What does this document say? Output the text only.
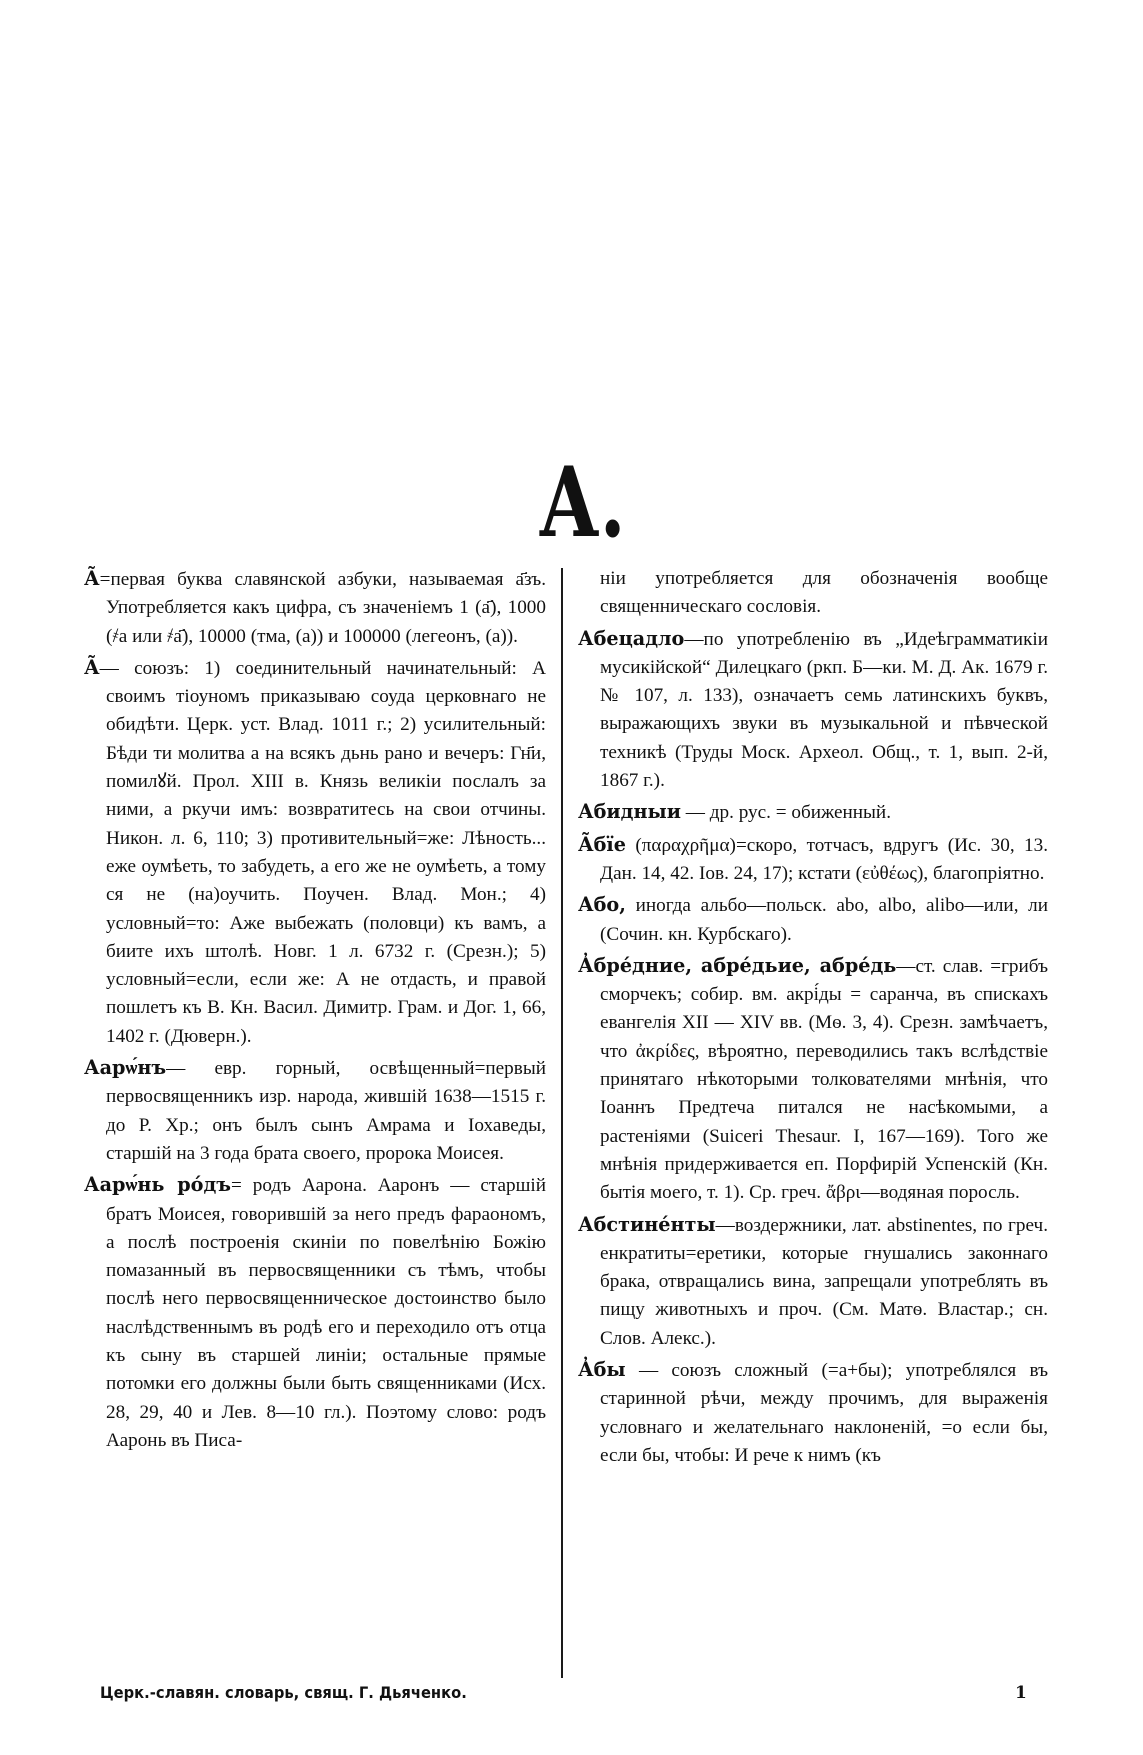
А.

А̃=первая буква славянской азбуки, называемая а҃зъ. Употребляется какъ цифра, съ значеніемъ 1 (а҃), 1000 (҂а или ҂а҃), 10000 (тма, (а)) и 100000 (легеонъ, (а)).

А̃— союзъ: 1) соединительный начинательный: А своимъ тіоуномъ приказываю соуда церковнаго не обидѣти. Церк. уст. Влад. 1011 г.; 2) усилительный: Бѣди ти молитва а на всякъ дьнь рано и вечеръ: Гн҃и, помилꙋй. Прол. XIII в. Князь великіи послалъ за ними, а ркучи имъ: возвратитесь на свои отчины. Никон. л. 6, 110; 3) противительный=же: Лѣность... еже оумѣеть, то забудеть, а его же не оумѣеть, а тому ся не (на)оучить. Поучен. Влад. Мон.; 4) условный=то: Аже выбежать (половци) къ вамъ, а биите ихъ штолѣ. Новг. 1 л. 6732 г. (Срезн.); 5) условный=если, если же: А не отдасть, и правой пошлетъ къ В. Кн. Васил. Димитр. Грам. и Дог. 1, 66, 1402 г. (Дюверн.).

Аарѡ́нъ— евр. горный, освѣщенный=первый первосвященникъ изр. народа, жившій 1638—1515 г. до Р. Хр.; онъ былъ сынъ Амрама и Іохаведы, старшій на 3 года брата своего, пророка Моисея.

Аарѡ́нь ро́дъ= родъ Аарона. Ааронъ — старшій братъ Моисея, говорившій за него предъ фараономъ, а послѣ построенія скиніи по повелѣнію Божію помазанный въ первосвященники съ тѣмъ, чтобы послѣ него первосвященническое достоинство было наслѣдственнымъ въ родѣ его и переходило отъ отца къ сыну въ старшей линіи; остальные прямые потомки его должны были быть священниками (Исх. 28, 29, 40 и Лев. 8—10 гл.). Поэтому слово: родъ Ааронь въ Писа-

ніи употребляется для обозначенія вообще священническаго сословія.

Абецадло—по употребленію въ „Идеѣграмматикіи мусикійской“ Дилецкаго (ркп. Б—ки. М. Д. Ак. 1679 г. № 107, л. 133), означаетъ семь латинскихъ буквъ, выражающихъ звуки въ музыкальной и пѣвческой техникѣ (Труды Моск. Археол. Общ., т. 1, вып. 2-й, 1867 г.).

Абидныи — др. рус. = обиженный.

А̃бїе (παραχρῆμα)=скоро, тотчасъ, вдругъ (Ис. 30, 13. Дан. 14, 42. Іов. 24, 17); кстати (εὐθέως), благопріятно.

Або, иногда альбо—польск. abo, albo, alibo—или, ли (Сочин. кн. Курбскаго).

А̓бре́дние, абре́дьие, абре́дь—ст. слав. =грибъ сморчекъ; собир. вм. акрі́ды = саранча, въ спискахъ евангелія XII — XIV вв. (Мѳ. 3, 4). Срезн. замѣчаетъ, что ἀκρίδες, вѣроятно, переводились такъ вслѣдствіе принятаго нѣкоторыми толкователями мнѣнія, что Іоаннъ Предтеча питался не насѣкомыми, а растеніями (Suiceri Thesaur. I, 167—169). Того же мнѣнія придерживается еп. Порфирій Успенскій (Кн. бытія моего, т. 1). Ср. греч. ἄβρι—водяная поросль.

Абстине́нты—воздержники, лат. abstinentes, по греч. енкратиты=еретики, которые гнушались законнаго брака, отвращались вина, запрещали употреблять въ пищу животныхъ и проч. (См. Матѳ. Властар.; сн. Слов. Алекс.).

А̓бы — союзъ сложный (=а+бы); употреблялся въ старинной рѣчи, между прочимъ, для выраженія условнаго и желательнаго наклоненій, =о если бы, если бы, чтобы: И рече к нимъ (къ

Церк.-славян. словарь, свящ. Г. Дьяченко.	1
